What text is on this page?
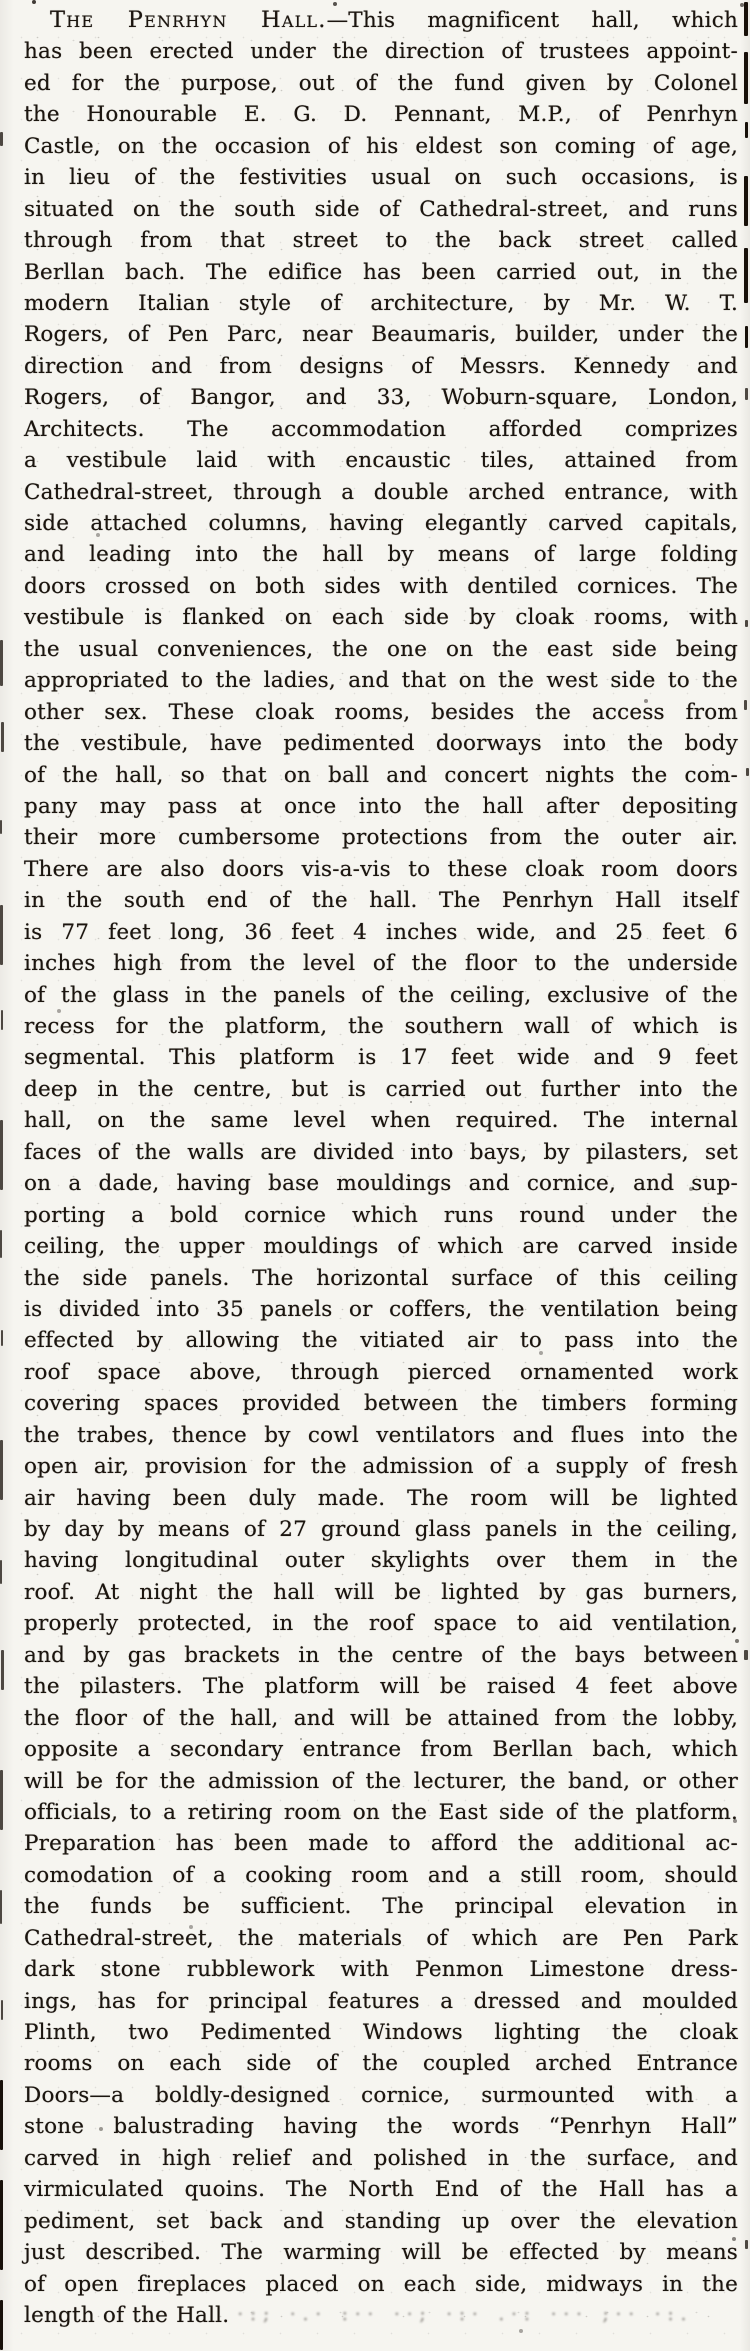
The Penrhyn Hall.—This magnificent hall, which
has been erected under the direction of trustees appoint-
ed for the purpose, out of the fund given by Colonel
the Honourable E. G. D. Pennant, M.P., of Penrhyn
Castle, on the occasion of his eldest son coming of age,
in lieu of the festivities usual on such occasions, is
situated on the south side of Cathedral-street, and runs
through from that street to the back street called
Berllan bach. The edifice has been carried out, in the
modern Italian style of architecture, by Mr. W. T.
Rogers, of Pen Parc, near Beaumaris, builder, under the
direction and from designs of Messrs. Kennedy and
Rogers, of Bangor, and 33, Woburn-square, London,
Architects. The accommodation afforded comprizes
a vestibule laid with encaustic tiles, attained from
Cathedral-street, through a double arched entrance, with
side attached columns, having elegantly carved capitals,
and leading into the hall by means of large folding
doors crossed on both sides with dentiled cornices. The
vestibule is flanked on each side by cloak rooms, with
the usual conveniences, the one on the east side being
appropriated to the ladies, and that on the west side to the
other sex. These cloak rooms, besides the access from
the vestibule, have pedimented doorways into the body
of the hall, so that on ball and concert nights the com-
pany may pass at once into the hall after depositing
their more cumbersome protections from the outer air.
There are also doors vis-a-vis to these cloak room doors
in the south end of the hall. The Penrhyn Hall itself
is 77 feet long, 36 feet 4 inches wide, and 25 feet 6
inches high from the level of the floor to the underside
of the glass in the panels of the ceiling, exclusive of the
recess for the platform, the southern wall of which is
segmental. This platform is 17 feet wide and 9 feet
deep in the centre, but is carried out further into the
hall, on the same level when required. The internal
faces of the walls are divided into bays, by pilasters, set
on a dade, having base mouldings and cornice, and sup-
porting a bold cornice which runs round under the
ceiling, the upper mouldings of which are carved inside
the side panels. The horizontal surface of this ceiling
is divided into 35 panels or coffers, the ventilation being
effected by allowing the vitiated air to pass into the
roof space above, through pierced ornamented work
covering spaces provided between the timbers forming
the trabes, thence by cowl ventilators and flues into the
open air, provision for the admission of a supply of fresh
air having been duly made. The room will be lighted
by day by means of 27 ground glass panels in the ceiling,
having longitudinal outer skylights over them in the
roof. At night the hall will be lighted by gas burners,
properly protected, in the roof space to aid ventilation,
and by gas brackets in the centre of the bays between
the pilasters. The platform will be raised 4 feet above
the floor of the hall, and will be attained from the lobby,
opposite a secondary entrance from Berllan bach, which
will be for the admission of the lecturer, the band, or other
officials, to a retiring room on the East side of the platform.
Preparation has been made to afford the additional ac-
comodation of a cooking room and a still room, should
the funds be sufficient. The principal elevation in
Cathedral-street, the materials of which are Pen Park
dark stone rubblework with Penmon Limestone dress-
ings, has for principal features a dressed and moulded
Plinth, two Pedimented Windows lighting the cloak
rooms on each side of the coupled arched Entrance
Doors—a boldly-designed cornice, surmounted with a
stone balustrading having the words “Penrhyn Hall”
carved in high relief and polished in the surface, and
virmiculated quoins. The North End of the Hall has a
pediment, set back and standing up over the elevation
just described. The warming will be effected by means
of open fireplaces placed on each side, midways in the
length of the Hall. ·:; ·.· :·· ··; ·:· .·: ··· ;·· ·:.
